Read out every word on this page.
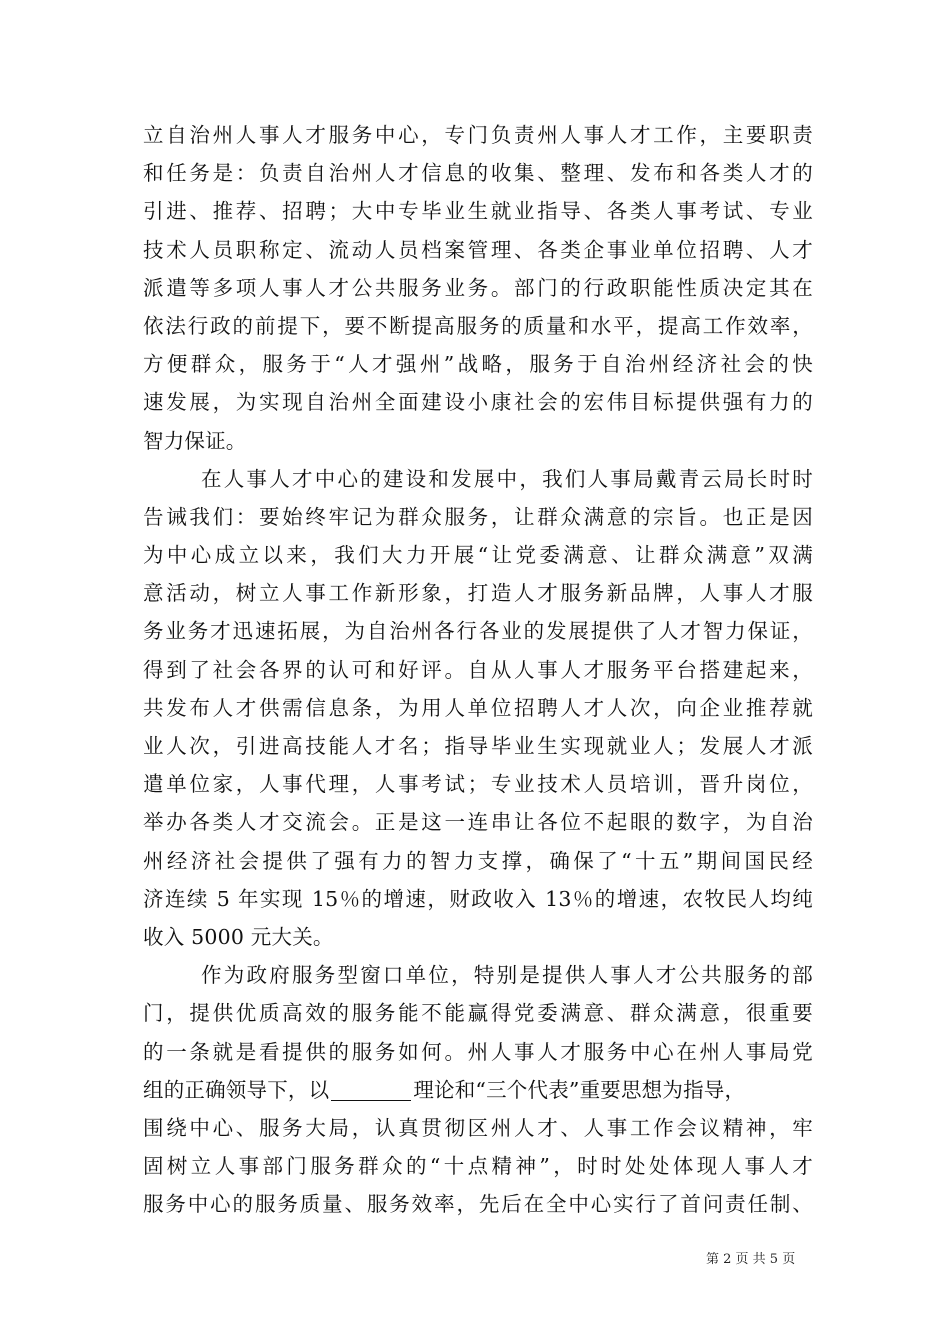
立自治州人事人才服务中心，专门负责州人事人才工作，主要职责
和任务是：负责自治州人才信息的收集、整理、发布和各类人才的
引进、推荐、招聘；大中专毕业生就业指导、各类人事考试、专业
技术人员职称定、流动人员档案管理、各类企事业单位招聘、人才
派遣等多项人事人才公共服务业务。部门的行政职能性质决定其在
依法行政的前提下，要不断提高服务的质量和水平，提高工作效率，
方便群众，服务于“人才强州”战略，服务于自治州经济社会的快
速发展，为实现自治州全面建设小康社会的宏伟目标提供强有力的
智力保证。
在人事人才中心的建设和发展中，我们人事局戴青云局长时时
告诫我们：要始终牢记为群众服务，让群众满意的宗旨。也正是因
为中心成立以来，我们大力开展“让党委满意、让群众满意”双满
意活动，树立人事工作新形象，打造人才服务新品牌，人事人才服
务业务才迅速拓展，为自治州各行各业的发展提供了人才智力保证，
得到了社会各界的认可和好评。自从人事人才服务平台搭建起来，
共发布人才供需信息条，为用人单位招聘人才人次，向企业推荐就
业人次，引进高技能人才名；指导毕业生实现就业人；发展人才派
遣单位家，人事代理，人事考试；专业技术人员培训，晋升岗位，
举办各类人才交流会。正是这一连串让各位不起眼的数字，为自治
州经济社会提供了强有力的智力支撑，确保了“十五”期间国民经
济连续 5 年实现 15％的增速，财政收入 13％的增速，农牧民人均纯
收入 5000 元大关。
作为政府服务型窗口单位，特别是提供人事人才公共服务的部
门，提供优质高效的服务能不能赢得党委满意、群众满意，很重要
的一条就是看提供的服务如何。州人事人才服务中心在州人事局党
组的正确领导下，以	理论和“三个代表”重要思想为指导，
围绕中心、服务大局，认真贯彻区州人才、人事工作会议精神，牢
固树立人事部门服务群众的“十点精神”，时时处处体现人事人才
服务中心的服务质量、服务效率，先后在全中心实行了首问责任制、
第 2 页 共 5 页
